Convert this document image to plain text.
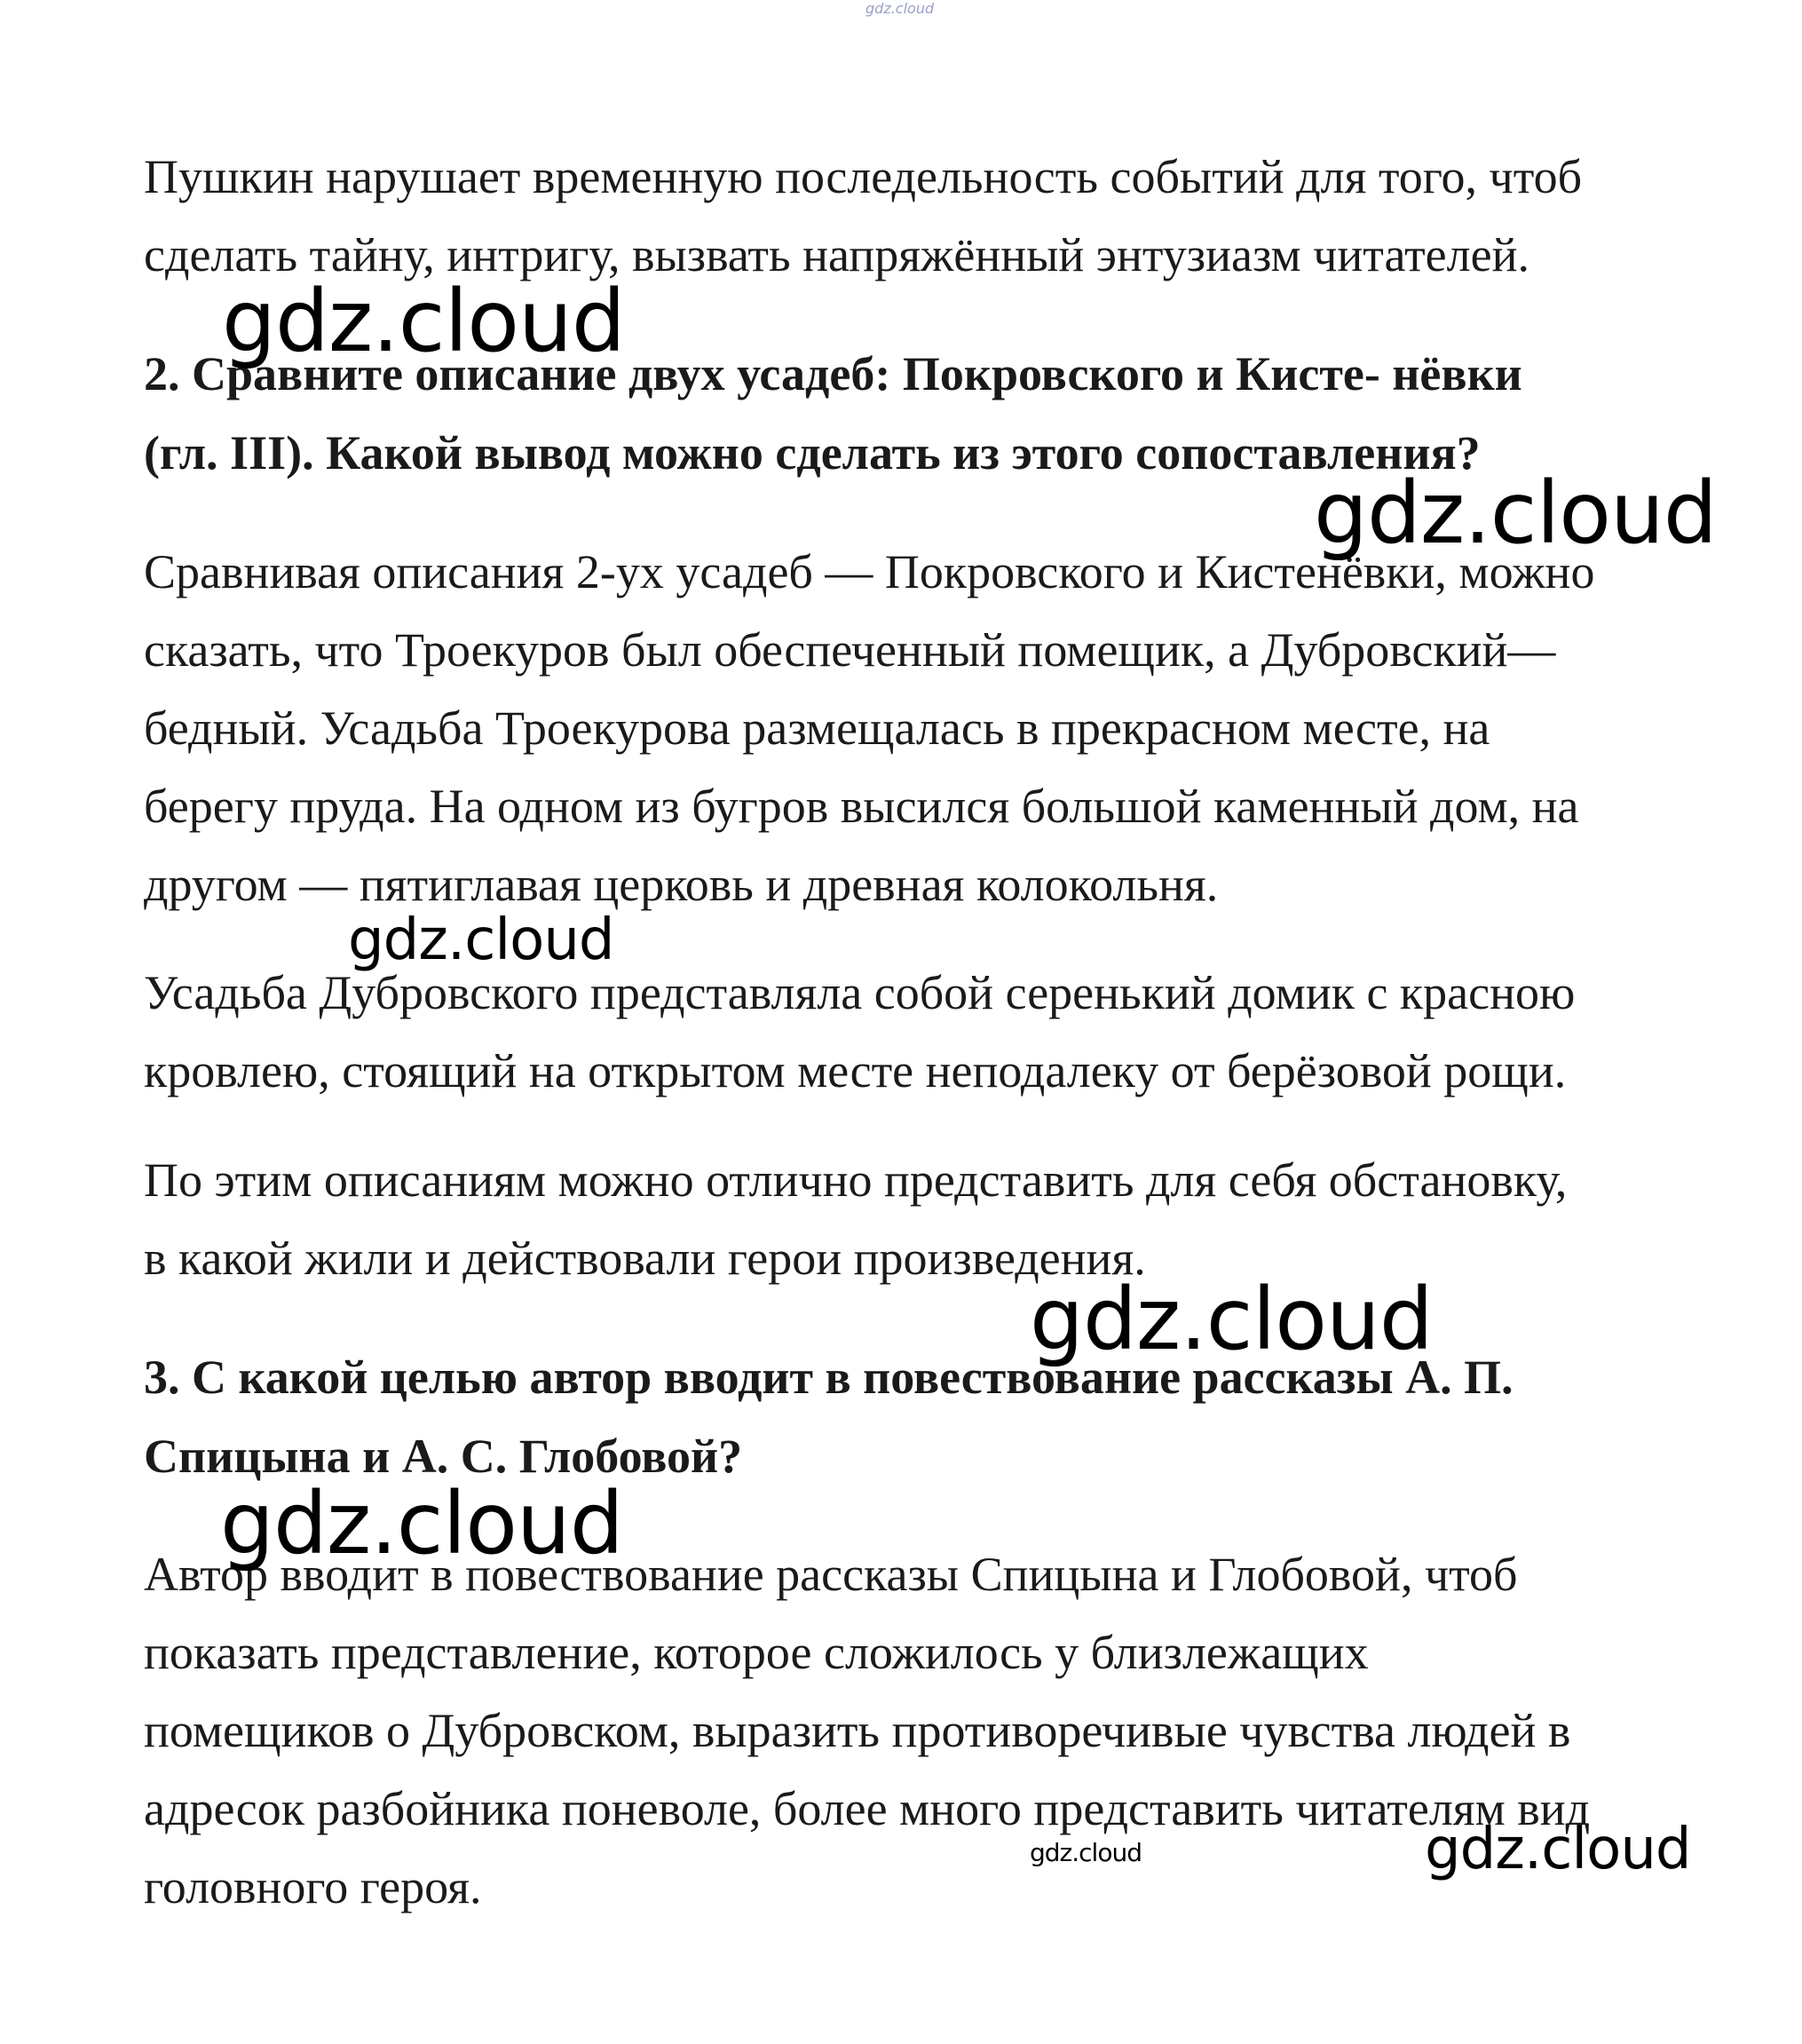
Пушкин нарушает временную последельность событий для того, чтоб

сделать тайну, интригу, вызвать напряжённый энтузиазм читателей.

2. Сравните описание двух усадеб: Покровского и Кисте- нёвки

(гл. III). Какой вывод можно сделать из этого сопоставления?

Сравнивая описания 2-ух усадеб — Покровского и Кистенёвки, можно

сказать, что Троекуров был обеспеченный помещик, а Дубровский—

бедный. Усадьба Троекурова размещалась в прекрасном месте, на

берегу пруда. На одном из бугров высился большой каменный дом, на

другом — пятиглавая церковь и древная колокольня.

Усадьба Дубровского представляла собой серенький домик с красною

кровлею, стоящий на открытом месте неподалеку от берёзовой рощи.

По этим описаниям можно отлично представить для себя обстановку,

в какой жили и действовали герои произведения.

3. С какой целью автор вводит в повествование рассказы А. П.

Спицына и А. С. Глобовой?

Автор вводит в повествование рассказы Спицына и Глобовой, чтоб

показать представление, которое сложилось у близлежащих

помещиков о Дубровском, выразить противоречивые чувства людей в

адресок разбойника поневоле, более много представить читателям вид

головного героя.

gdz.cloud
gdz.cloud
gdz.cloud
gdz.cloud
gdz.cloud
gdz.cloud
gdz.cloud	gdz.cloud
